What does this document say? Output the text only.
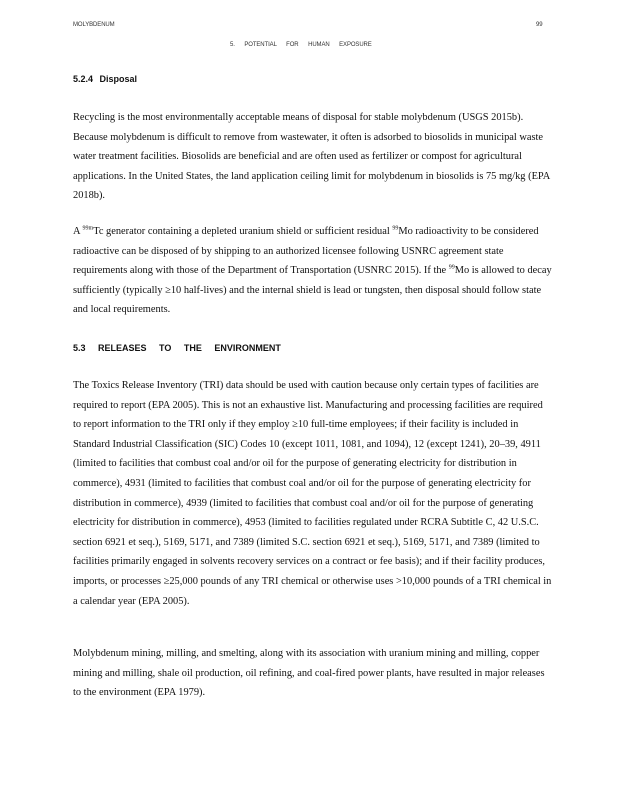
MOLYBDENUM	99
5. POTENTIAL FOR HUMAN EXPOSURE
5.2.4 Disposal

Recycling is the most environmentally acceptable means of disposal for stable molybdenum (USGS 2015b). Because molybdenum is difficult to remove from wastewater, it often is adsorbed to biosolids in municipal waste water treatment facilities. Biosolids are beneficial and are often used as fertilizer or compost for agricultural applications. In the United States, the land application ceiling limit for molybdenum in biosolids is 75 mg/kg (EPA 2018b).

A $^{99m}$Tc generator containing a depleted uranium shield or sufficient residual $^{99}$Mo radioactivity to be considered radioactive can be disposed of by shipping to an authorized licensee following USNRC agreement state requirements along with those of the Department of Transportation (USNRC 2015). If the $^{99}$Mo is allowed to decay sufficiently (typically ≥10 half-lives) and the internal shield is lead or tungsten, then disposal should follow state and local requirements.

5.3 RELEASES TO THE ENVIRONMENT

The Toxics Release Inventory (TRI) data should be used with caution because only certain types of facilities are required to report (EPA 2005). This is not an exhaustive list. Manufacturing and processing facilities are required to report information to the TRI only if they employ ≥10 full-time employees; if their facility is included in Standard Industrial Classification (SIC) Codes 10 (except 1011, 1081, and 1094), 12 (except 1241), 20–39, 4911 (limited to facilities that combust coal and/or oil for the purpose of generating electricity for distribution in commerce), 4931 (limited to facilities that combust coal and/or oil for the purpose of generating electricity for distribution in commerce), 4939 (limited to facilities that combust coal and/or oil for the purpose of generating electricity for distribution in commerce), 4953 (limited to facilities regulated under RCRA Subtitle C, 42 U.S.C. section 6921 et seq.), 5169, 5171, and 7389 (limited S.C. section 6921 et seq.), 5169, 5171, and 7389 (limited to facilities primarily engaged in solvents recovery services on a contract or fee basis); and if their facility produces, imports, or processes ≥25,000 pounds of any TRI chemical or otherwise uses >10,000 pounds of a TRI chemical in a calendar year (EPA 2005).

Molybdenum mining, milling, and smelting, along with its association with uranium mining and milling, copper mining and milling, shale oil production, oil refining, and coal-fired power plants, have resulted in major releases to the environment (EPA 1979).
